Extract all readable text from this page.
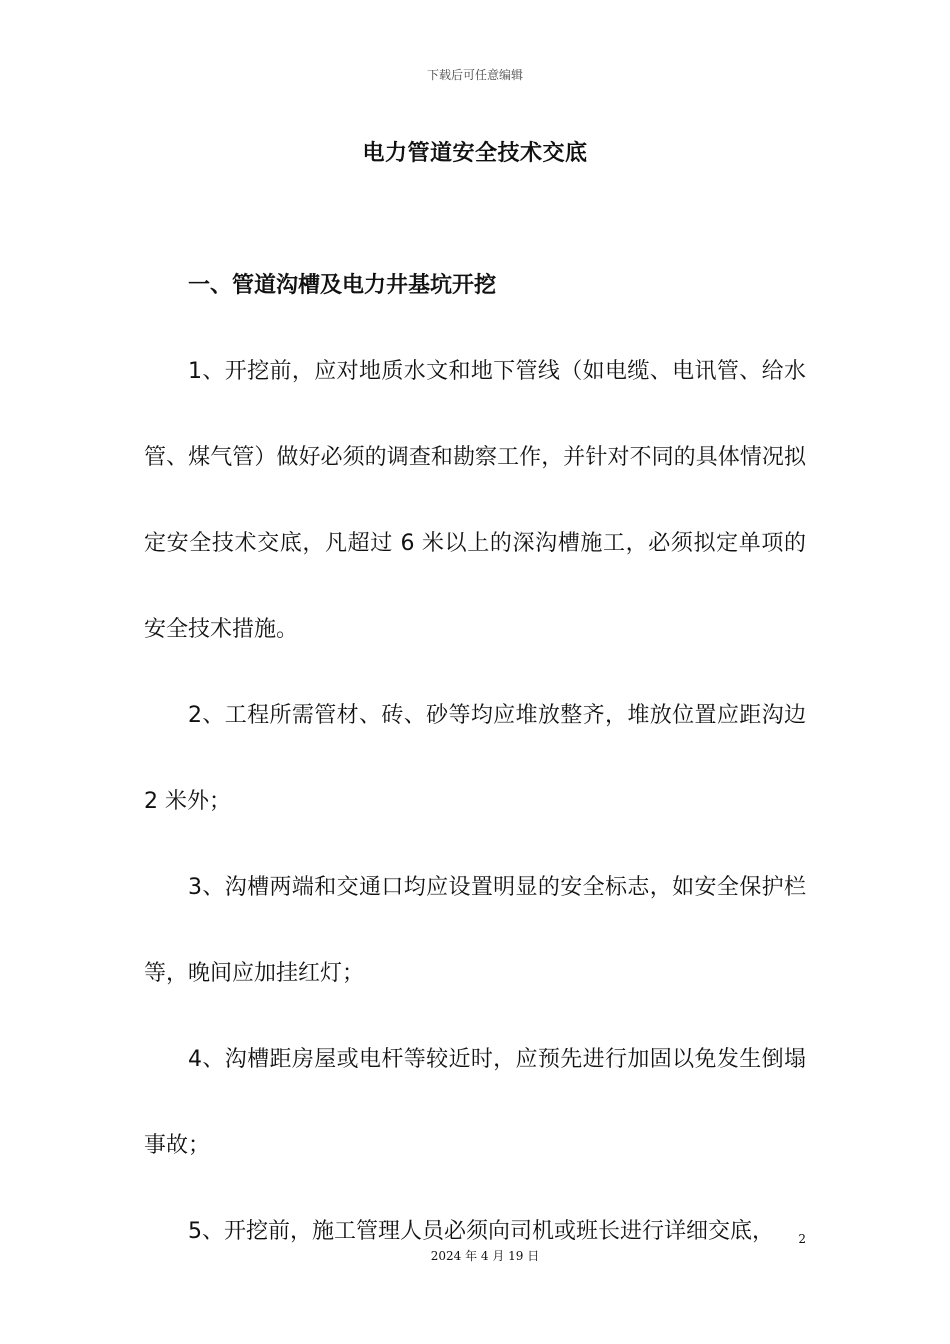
下载后可任意编辑
电力管道安全技术交底

一、管道沟槽及电力井基坑开挖

1、开挖前，应对地质水文和地下管线（如电缆、电讯管、给水管、煤气管）做好必须的调查和勘察工作，并针对不同的具体情况拟定安全技术交底，凡超过 6 米以上的深沟槽施工，必须拟定单项的安全技术措施。

2、工程所需管材、砖、砂等均应堆放整齐，堆放位置应距沟边 2 米外；

3、沟槽两端和交通口均应设置明显的安全标志，如安全保护栏等，晚间应加挂红灯；

4、沟槽距房屋或电杆等较近时，应预先进行加固以免发生倒塌事故；

5、开挖前，施工管理人员必须向司机或班长进行详细交底，	2
2024 年 4 月 19 日
